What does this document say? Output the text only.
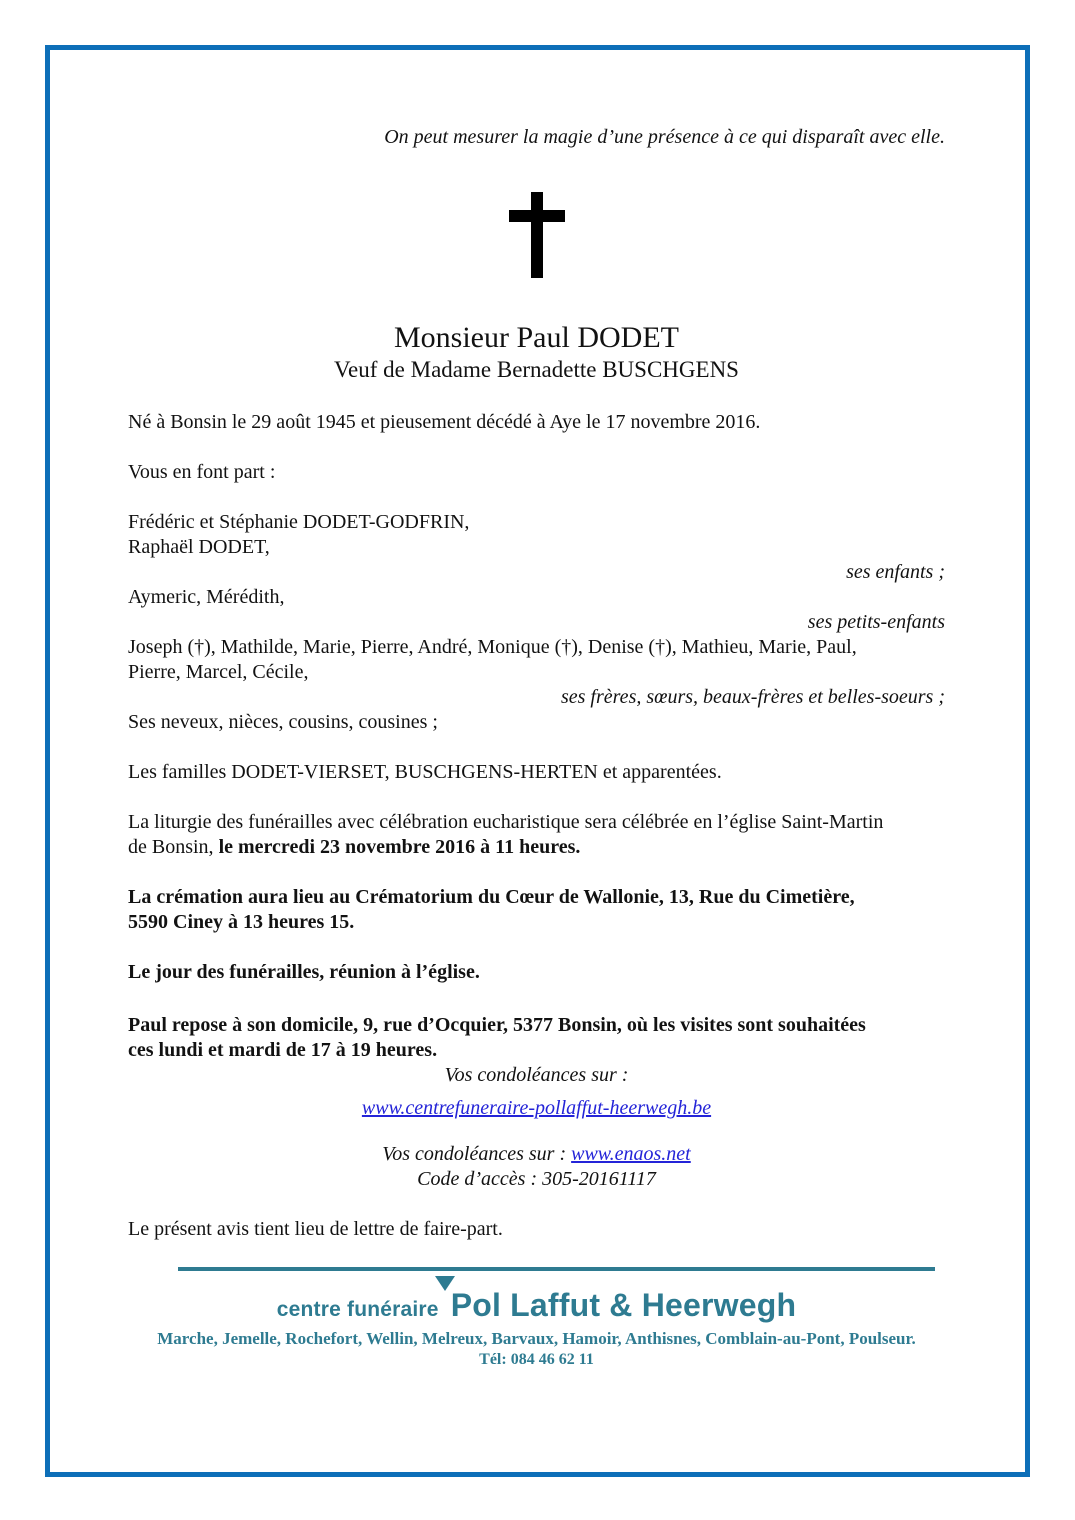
On peut mesurer la magie d’une présence à ce qui disparaît avec elle.
Monsieur Paul DODET
Veuf de Madame Bernadette BUSCHGENS
Né à Bonsin le 29 août 1945 et pieusement décédé à Aye le 17 novembre 2016.
Vous en font part :
Frédéric et Stéphanie DODET-GODFRIN,
Raphaël DODET,
ses enfants ;
Aymeric, Mérédith,
ses petits-enfants
Joseph (†), Mathilde, Marie, Pierre, André, Monique (†), Denise (†), Mathieu, Marie, Paul,
Pierre, Marcel, Cécile,
ses frères, sœurs, beaux-frères et belles-soeurs ;
Ses neveux, nièces, cousins, cousines ;
Les familles DODET-VIERSET, BUSCHGENS-HERTEN et apparentées.
La liturgie des funérailles avec célébration eucharistique sera célébrée en l’église Saint-Martin
de Bonsin, le mercredi 23 novembre 2016 à 11 heures.
La crémation aura lieu au Crématorium du Cœur de Wallonie, 13, Rue du Cimetière,
5590 Ciney à 13 heures 15.
Le jour des funérailles, réunion à l’église.
Paul repose à son domicile, 9, rue d’Ocquier, 5377 Bonsin, où les visites sont souhaitées
ces lundi et mardi de 17 à 19 heures.
Vos condoléances sur :
www.centrefuneraire-pollaffut-heerwegh.be
Vos condoléances sur : www.enaos.net
Code d’accès : 305-20161117
Le présent avis tient lieu de lettre de faire-part.
centre funéraire Pol Laffut & Heerwegh
Marche, Jemelle, Rochefort, Wellin, Melreux, Barvaux, Hamoir, Anthisnes, Comblain-au-Pont, Poulseur.
Tél: 084 46 62 11
